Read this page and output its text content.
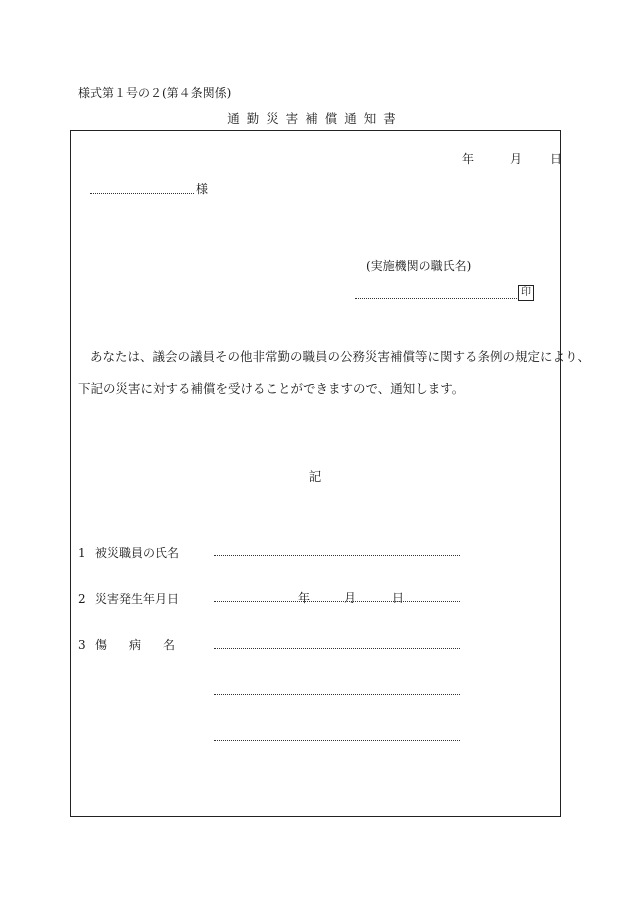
様式第１号の２(第４条関係)
通勤災害補償通知書
年	月 日
様
(実施機関の職氏名)
印
あなたは、議会の議員その他非常勤の職員の公務災害補償等に関する条例の規定により、
下記の災害に対する補償を受けることができますので、通知します。
記
1 被災職員の氏名
2 災害発生年月日	年	月	日
3 傷 病 名
